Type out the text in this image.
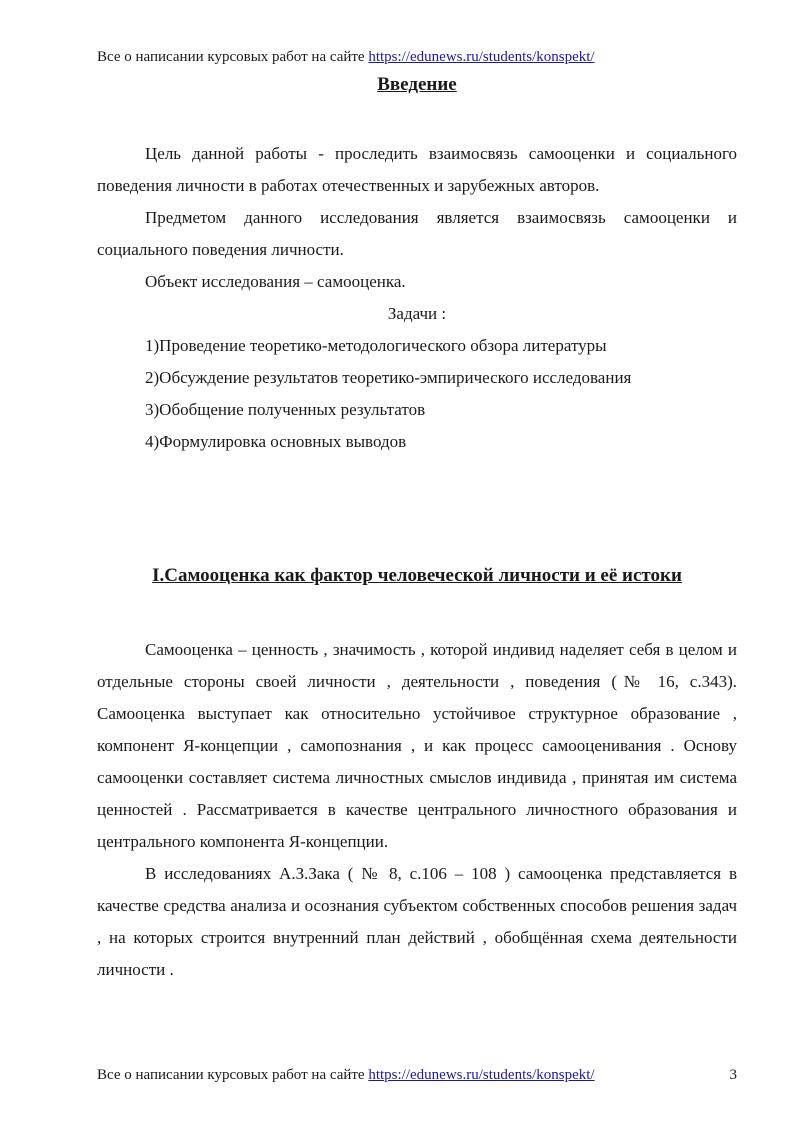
Все о написании курсовых работ на сайте https://edunews.ru/students/konspekt/
Введение

Цель данной работы - проследить взаимосвязь самооценки и социального поведения личности в работах отечественных и зарубежных авторов.

Предметом данного исследования является взаимосвязь самооценки и социального поведения личности.

Объект исследования – самооценка.

Задачи :

1)Проведение теоретико-методологического обзора литературы

2)Обсуждение результатов теоретико-эмпирического исследования

3)Обобщение полученных результатов

4)Формулировка основных выводов

I.Самооценка как фактор человеческой личности и её истоки

Самооценка – ценность , значимость , которой индивид наделяет себя в целом и отдельные стороны своей личности , деятельности , поведения (№ 16, с.343). Самооценка выступает как относительно устойчивое структурное образование , компонент Я-концепции , самопознания , и как процесс самооценивания . Основу самооценки составляет система личностных смыслов индивида , принятая им система ценностей . Рассматривается в качестве центрального личностного образования и центрального компонента Я-концепции.

В исследованиях А.З.Зака ( № 8, с.106 – 108 ) самооценка представляется в качестве средства анализа и осознания субъектом собственных способов решения задач , на которых строится внутренний план действий , обобщённая схема деятельности личности .

Все о написании курсовых работ на сайте https://edunews.ru/students/konspekt/	3
